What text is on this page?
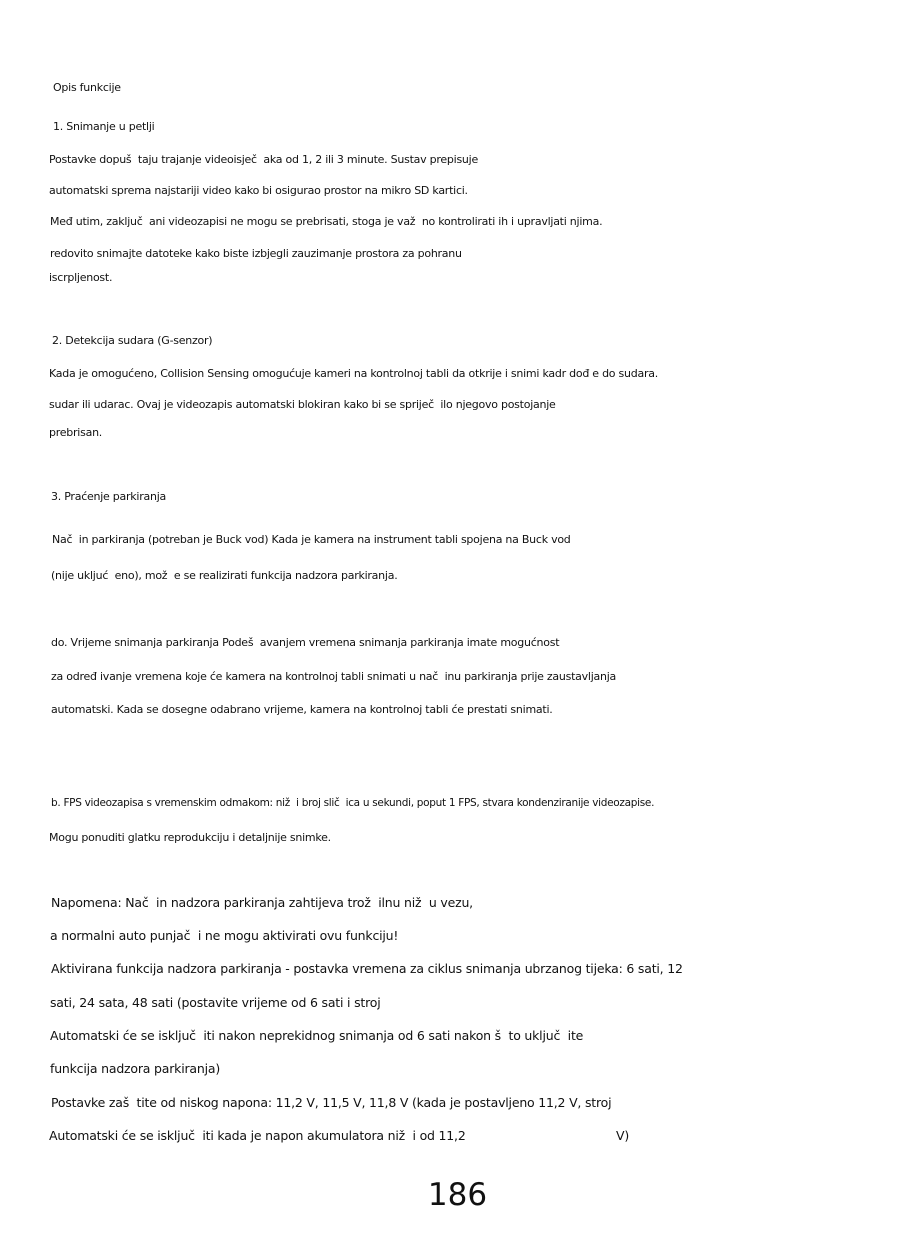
Opis funkcije
1. Snimanje u petlji
Postavke dopuš  taju trajanje videoisječ  aka od 1, 2 ili 3 minute. Sustav prepisuje
automatski sprema najstariji video kako bi osigurao prostor na mikro SD kartici.
Međ utim, zaključ  ani videozapisi ne mogu se prebrisati, stoga je važ  no kontrolirati ih i upravljati njima.
redovito snimajte datoteke kako biste izbjegli zauzimanje prostora za pohranu
iscrpljenost.
2. Detekcija sudara (G-senzor)
Kada je omogućeno, Collision Sensing omogućuje kameri na kontrolnoj tabli da otkrije i snimi kadr dođ e do sudara.
sudar ili udarac. Ovaj je videozapis automatski blokiran kako bi se spriječ  ilo njegovo postojanje
prebrisan.
3. Praćenje parkiranja
Nač  in parkiranja (potreban je Buck vod) Kada je kamera na instrument tabli spojena na Buck vod
(nije ukljuć  eno), mož  e se realizirati funkcija nadzora parkiranja.
do. Vrijeme snimanja parkiranja Podeš  avanjem vremena snimanja parkiranja imate mogućnost
za određ ivanje vremena koje će kamera na kontrolnoj tabli snimati u nač  inu parkiranja prije zaustavljanja
automatski. Kada se dosegne odabrano vrijeme, kamera na kontrolnoj tabli će prestati snimati.
b. FPS videozapisa s vremenskim odmakom: niž  i broj slič  ica u sekundi, poput 1 FPS, stvara kondenziranije videozapise.
Mogu ponuditi glatku reprodukciju i detaljnije snimke.
Napomena: Nač  in nadzora parkiranja zahtijeva trož  ilnu niž  u vezu,
a normalni auto punjač  i ne mogu aktivirati ovu funkciju!
Aktivirana funkcija nadzora parkiranja - postavka vremena za ciklus snimanja ubrzanog tijeka: 6 sati, 12
sati, 24 sata, 48 sati (postavite vrijeme od 6 sati i stroj
Automatski će se isključ  iti nakon neprekidnog snimanja od 6 sati nakon š  to uključ  ite
funkcija nadzora parkiranja)
Postavke zaš  tite od niskog napona: 11,2 V, 11,5 V, 11,8 V (kada je postavljeno 11,2 V, stroj
Automatski će se isključ  iti kada je napon akumulatora niž  i od 11,2	V)
186
